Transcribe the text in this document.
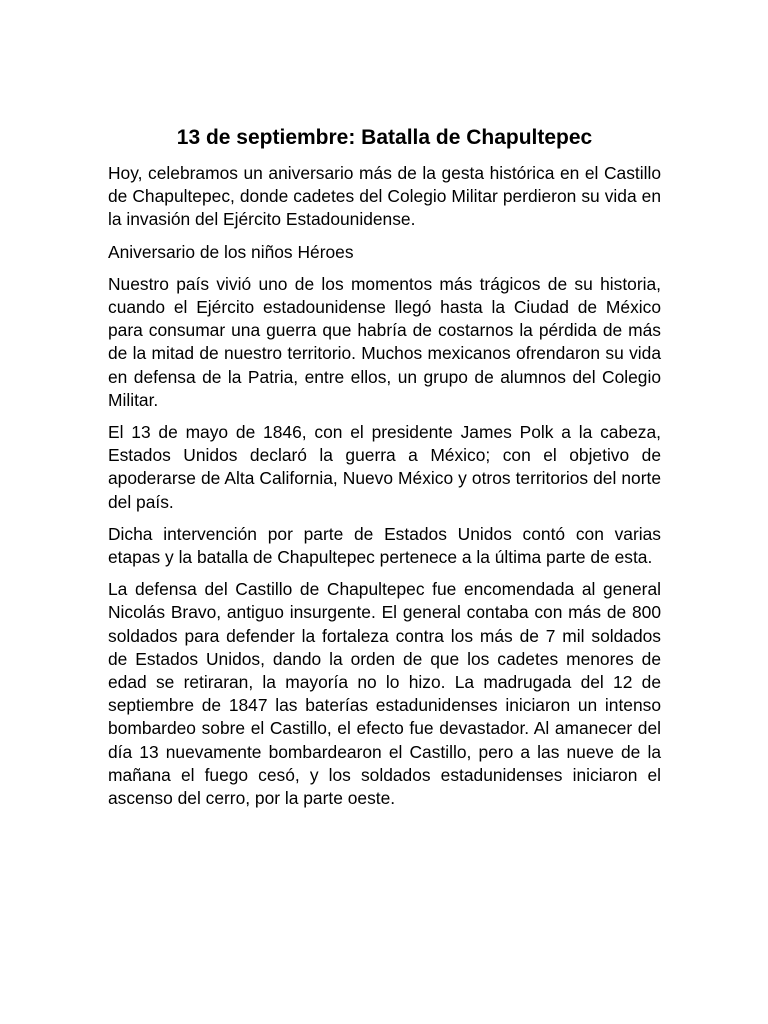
13 de septiembre: Batalla de Chapultepec

Hoy, celebramos un aniversario más de la gesta histórica en el Castillo de Chapultepec, donde cadetes del Colegio Militar perdieron su vida en la invasión del Ejército Estadounidense.

Aniversario de los niños Héroes

Nuestro país vivió uno de los momentos más trágicos de su historia, cuando el Ejército estadounidense llegó hasta la Ciudad de México para consumar una guerra que habría de costarnos la pérdida de más de la mitad de nuestro territorio. Muchos mexicanos ofrendaron su vida en defensa de la Patria, entre ellos, un grupo de alumnos del Colegio Militar.

El 13 de mayo de 1846, con el presidente James Polk a la cabeza, Estados Unidos declaró la guerra a México; con el objetivo de apoderarse de Alta California, Nuevo México y otros territorios del norte del país.

Dicha intervención por parte de Estados Unidos contó con varias etapas y la batalla de Chapultepec pertenece a la última parte de esta.

La defensa del Castillo de Chapultepec fue encomendada al general Nicolás Bravo, antiguo insurgente. El general contaba con más de 800 soldados para defender la fortaleza contra los más de 7 mil soldados de Estados Unidos, dando la orden de que los cadetes menores de edad se retiraran, la mayoría no lo hizo. La madrugada del 12 de septiembre de 1847 las baterías estadunidenses iniciaron un intenso bombardeo sobre el Castillo, el efecto fue devastador. Al amanecer del día 13 nuevamente bombardearon el Castillo, pero a las nueve de la mañana el fuego cesó, y los soldados estadunidenses iniciaron el ascenso del cerro, por la parte oeste.
